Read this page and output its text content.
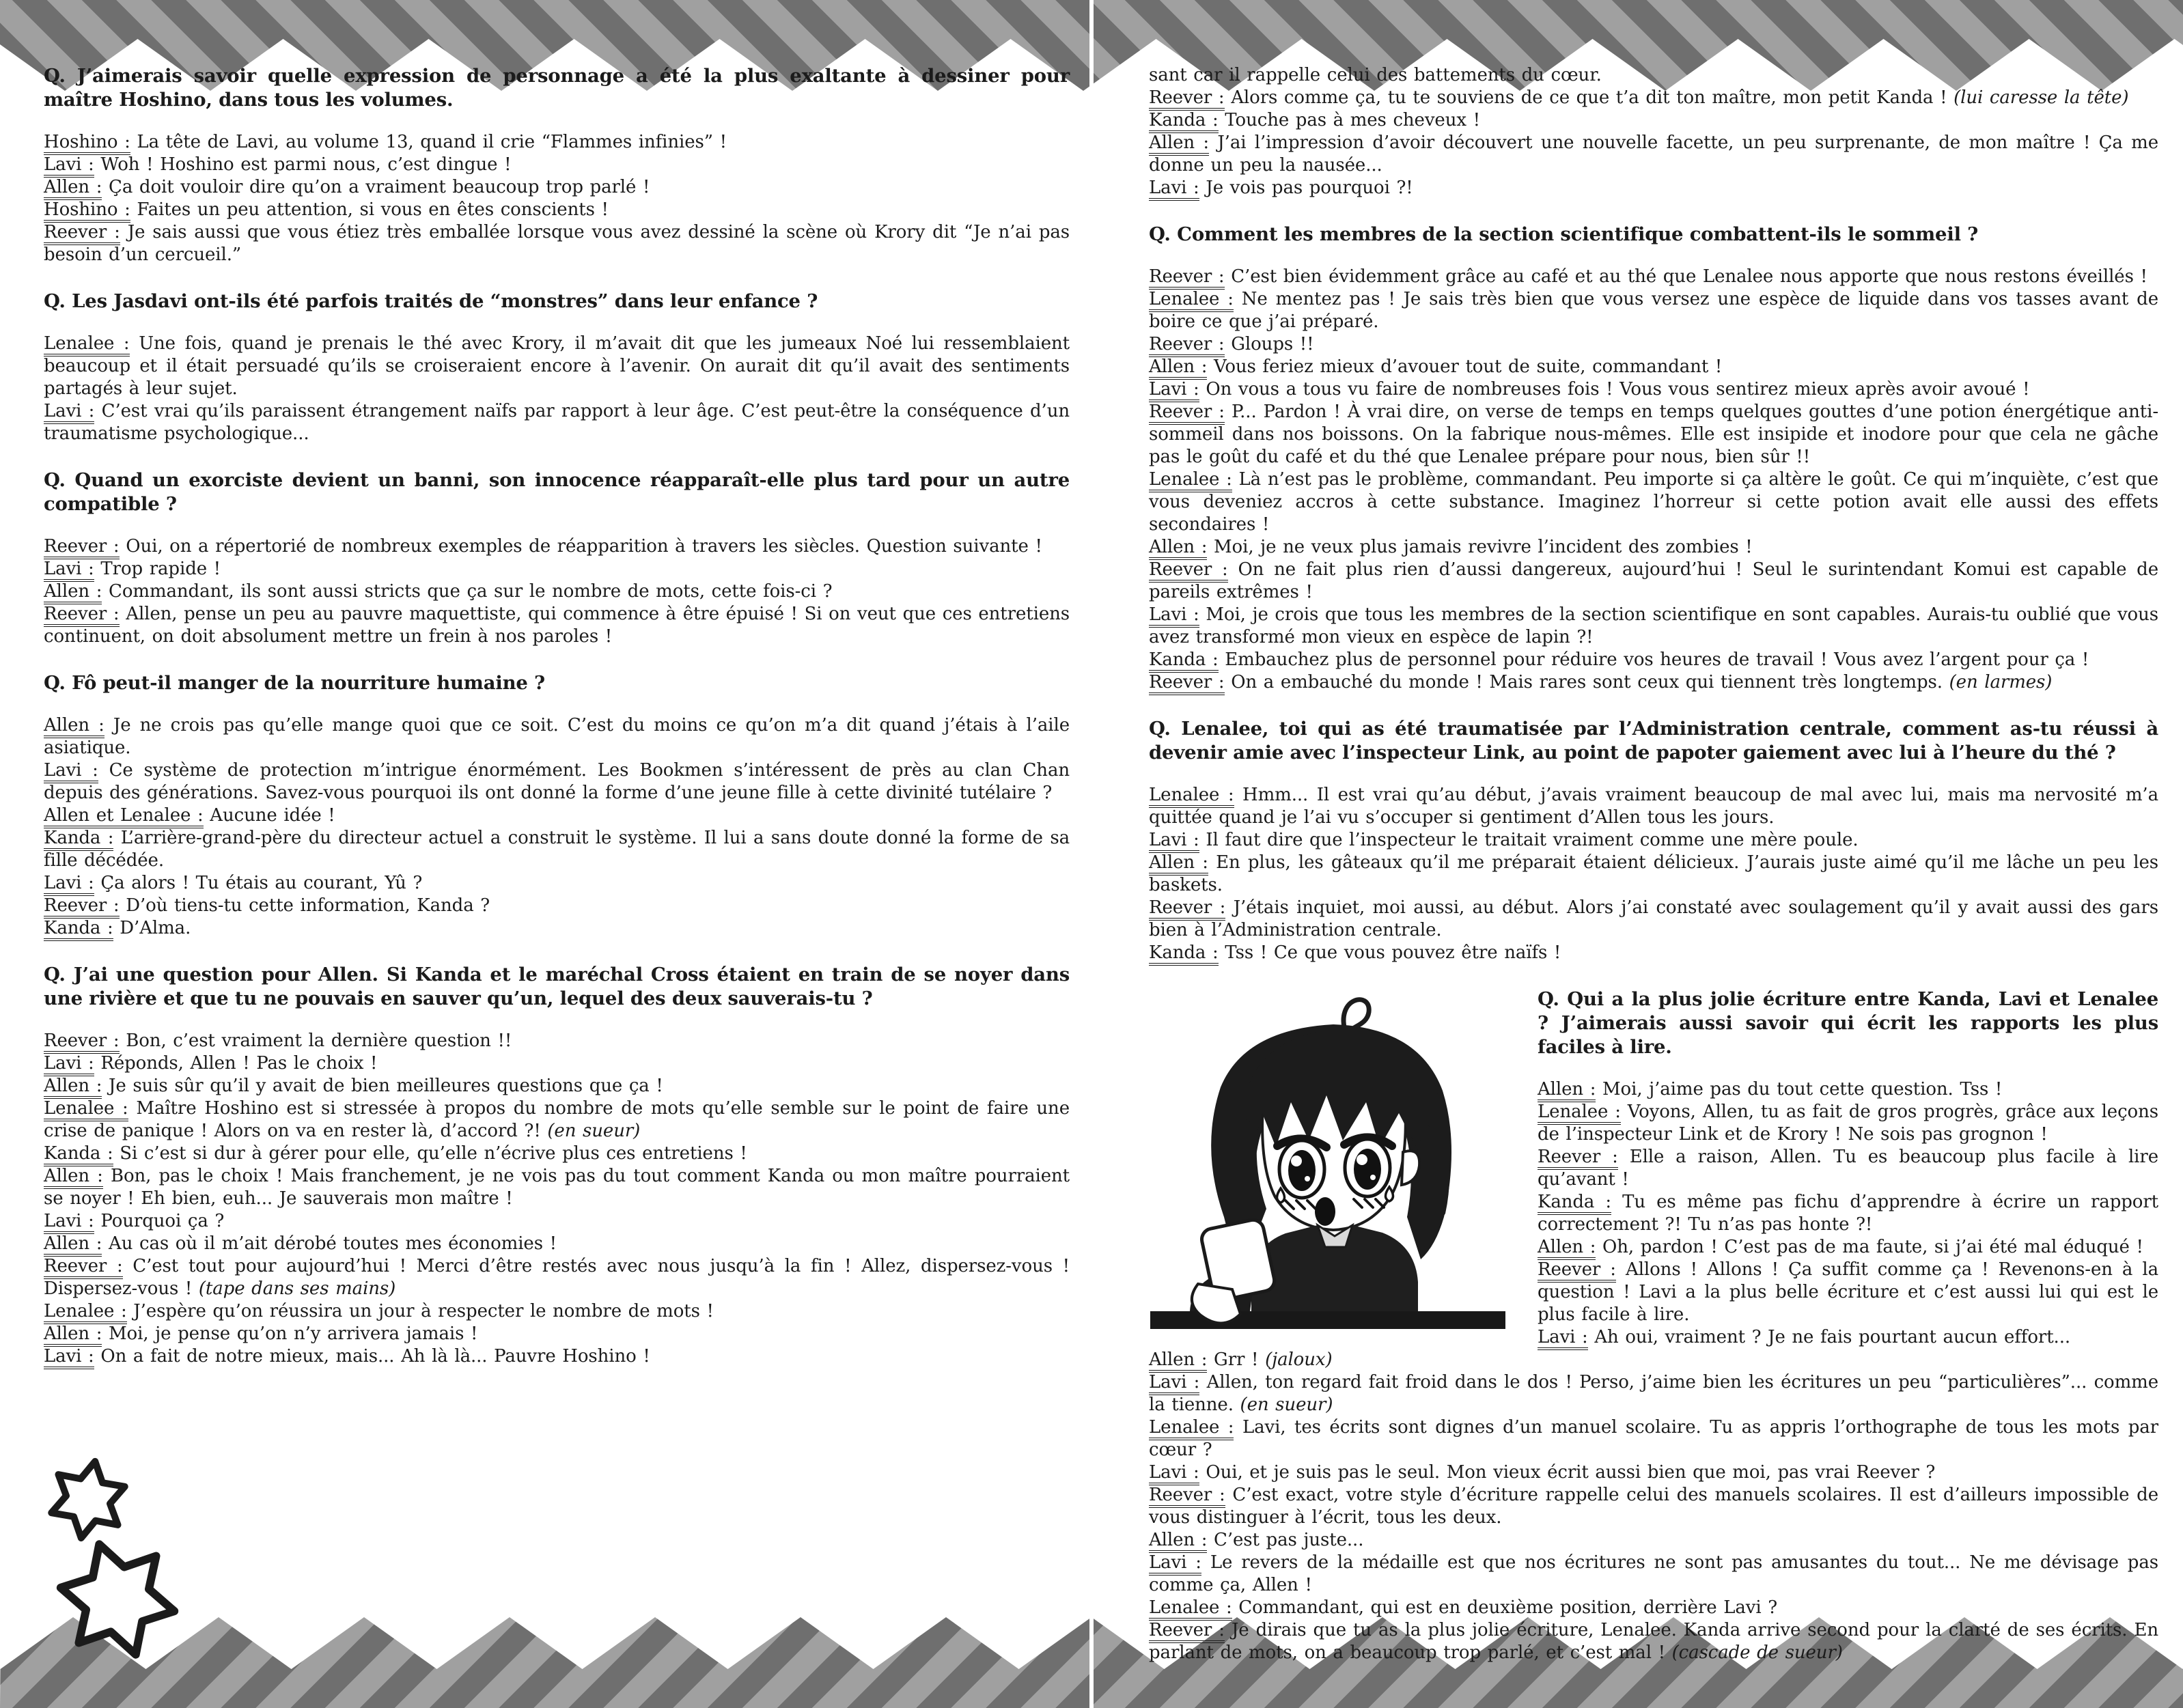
Q. J’aimerais savoir quelle expression de personnage a été la plus exaltante à dessiner pour maître Hoshino, dans tous les volumes.

Hoshino : La tête de Lavi, au volume 13, quand il crie “Flammes infinies” !

Lavi : Woh ! Hoshino est parmi nous, c’est dingue !

Allen : Ça doit vouloir dire qu’on a vraiment beaucoup trop parlé !

Hoshino : Faites un peu attention, si vous en êtes conscients !

Reever : Je sais aussi que vous étiez très emballée lorsque vous avez dessiné la scène où Krory dit “Je n’ai pas besoin d’un cercueil.”

Q. Les Jasdavi ont-ils été parfois traités de “monstres” dans leur enfance ?

Lenalee : Une fois, quand je prenais le thé avec Krory, il m’avait dit que les jumeaux Noé lui ressemblaient beaucoup et il était persuadé qu’ils se croiseraient encore à l’avenir. On aurait dit qu’il avait des sentiments partagés à leur sujet.

Lavi : C’est vrai qu’ils paraissent étrangement naïfs par rapport à leur âge. C’est peut-être la conséquence d’un traumatisme psychologique...

Q. Quand un exorciste devient un banni, son innocence réapparaît-elle plus tard pour un autre compatible ?

Reever : Oui, on a répertorié de nombreux exemples de réapparition à travers les siècles. Question suivante !

Lavi : Trop rapide !

Allen : Commandant, ils sont aussi stricts que ça sur le nombre de mots, cette fois-ci ?

Reever : Allen, pense un peu au pauvre maquettiste, qui commence à être épuisé ! Si on veut que ces entretiens continuent, on doit absolument mettre un frein à nos paroles !

Q. Fô peut-il manger de la nourriture humaine ?

Allen : Je ne crois pas qu’elle mange quoi que ce soit. C’est du moins ce qu’on m’a dit quand j’étais à l’aile asiatique.

Lavi : Ce système de protection m’intrigue énormément. Les Bookmen s’intéressent de près au clan Chan depuis des générations. Savez-vous pourquoi ils ont donné la forme d’une jeune fille à cette divinité tutélaire ?

Allen et Lenalee : Aucune idée !

Kanda : L’arrière-grand-père du directeur actuel a construit le système. Il lui a sans doute donné la forme de sa fille décédée.

Lavi : Ça alors ! Tu étais au courant, Yû ?

Reever : D’où tiens-tu cette information, Kanda ?

Kanda : D’Alma.

Q. J’ai une question pour Allen. Si Kanda et le maréchal Cross étaient en train de se noyer dans une rivière et que tu ne pouvais en sauver qu’un, lequel des deux sauverais-tu ?

Reever : Bon, c’est vraiment la dernière question !!

Lavi : Réponds, Allen ! Pas le choix !

Allen : Je suis sûr qu’il y avait de bien meilleures questions que ça !

Lenalee : Maître Hoshino est si stressée à propos du nombre de mots qu’elle semble sur le point de faire une crise de panique ! Alors on va en rester là, d’accord ?! (en sueur)

Kanda : Si c’est si dur à gérer pour elle, qu’elle n’écrive plus ces entretiens !

Allen : Bon, pas le choix ! Mais franchement, je ne vois pas du tout comment Kanda ou mon maître pourraient se noyer ! Eh bien, euh... Je sauverais mon maître !

Lavi : Pourquoi ça ?

Allen : Au cas où il m’ait dérobé toutes mes économies !

Reever : C’est tout pour aujourd’hui ! Merci d’être restés avec nous jusqu’à la fin ! Allez, dispersez-vous ! Dispersez-vous ! (tape dans ses mains)

Lenalee : J’espère qu’on réussira un jour à respecter le nombre de mots !

Allen : Moi, je pense qu’on n’y arrivera jamais !

Lavi : On a fait de notre mieux, mais... Ah là là... Pauvre Hoshino !

sant car il rappelle celui des battements du cœur.

Reever : Alors comme ça, tu te souviens de ce que t’a dit ton maître, mon petit Kanda ! (lui caresse la tête)

Kanda : Touche pas à mes cheveux !

Allen : J’ai l’impression d’avoir découvert une nouvelle facette, un peu surprenante, de mon maître ! Ça me donne un peu la nausée...

Lavi : Je vois pas pourquoi ?!

Q. Comment les membres de la section scientifique combattent-ils le sommeil ?

Reever : C’est bien évidemment grâce au café et au thé que Lenalee nous apporte que nous restons éveillés !

Lenalee : Ne mentez pas ! Je sais très bien que vous versez une espèce de liquide dans vos tasses avant de boire ce que j’ai préparé.

Reever : Gloups !!

Allen : Vous feriez mieux d’avouer tout de suite, commandant !

Lavi : On vous a tous vu faire de nombreuses fois ! Vous vous sentirez mieux après avoir avoué !

Reever : P... Pardon ! À vrai dire, on verse de temps en temps quelques gouttes d’une potion énergétique anti-sommeil dans nos boissons. On la fabrique nous-mêmes. Elle est insipide et inodore pour que cela ne gâche pas le goût du café et du thé que Lenalee prépare pour nous, bien sûr !!

Lenalee : Là n’est pas le problème, commandant. Peu importe si ça altère le goût. Ce qui m’inquiète, c’est que vous deveniez accros à cette substance. Imaginez l’horreur si cette potion avait elle aussi des effets secondaires !

Allen : Moi, je ne veux plus jamais revivre l’incident des zombies !

Reever : On ne fait plus rien d’aussi dangereux, aujourd’hui ! Seul le surintendant Komui est capable de pareils extrêmes !

Lavi : Moi, je crois que tous les membres de la section scientifique en sont capables. Aurais-tu oublié que vous avez transformé mon vieux en espèce de lapin ?!

Kanda : Embauchez plus de personnel pour réduire vos heures de travail ! Vous avez l’argent pour ça !

Reever : On a embauché du monde ! Mais rares sont ceux qui tiennent très longtemps. (en larmes)

Q. Lenalee, toi qui as été traumatisée par l’Administration centrale, comment as-tu réussi à devenir amie avec l’inspecteur Link, au point de papoter gaiement avec lui à l’heure du thé ?

Lenalee : Hmm... Il est vrai qu’au début, j’avais vraiment beaucoup de mal avec lui, mais ma nervosité m’a quittée quand je l’ai vu s’occuper si gentiment d’Allen tous les jours.

Lavi : Il faut dire que l’inspecteur le traitait vraiment comme une mère poule.

Allen : En plus, les gâteaux qu’il me préparait étaient délicieux. J’aurais juste aimé qu’il me lâche un peu les baskets.

Reever : J’étais inquiet, moi aussi, au début. Alors j’ai constaté avec soulagement qu’il y avait aussi des gars bien à l’Administration centrale.

Kanda : Tss ! Ce que vous pouvez être naïfs !

Q. Qui a la plus jolie écriture entre Kanda, Lavi et Lenalee ? J’aimerais aussi savoir qui écrit les rapports les plus faciles à lire.

Allen : Moi, j’aime pas du tout cette question. Tss !

Lenalee : Voyons, Allen, tu as fait de gros progrès, grâce aux leçons de l’inspecteur Link et de Krory ! Ne sois pas grognon !

Reever : Elle a raison, Allen. Tu es beaucoup plus facile à lire qu’avant !

Kanda : Tu es même pas fichu d’apprendre à écrire un rapport correctement ?! Tu n’as pas honte ?!

Allen : Oh, pardon ! C’est pas de ma faute, si j’ai été mal éduqué !

Reever : Allons ! Allons ! Ça suffit comme ça ! Revenons-en à la question ! Lavi a la plus belle écriture et c’est aussi lui qui est le plus facile à lire.

Lavi : Ah oui, vraiment ? Je ne fais pourtant aucun effort...

Allen : Grr ! (jaloux)

Lavi : Allen, ton regard fait froid dans le dos ! Perso, j’aime bien les écritures un peu “particulières”... comme la tienne. (en sueur)

Lenalee : Lavi, tes écrits sont dignes d’un manuel scolaire. Tu as appris l’orthographe de tous les mots par cœur ?

Lavi : Oui, et je suis pas le seul. Mon vieux écrit aussi bien que moi, pas vrai Reever ?

Reever : C’est exact, votre style d’écriture rappelle celui des manuels scolaires. Il est d’ailleurs impossible de vous distinguer à l’écrit, tous les deux.

Allen : C’est pas juste...

Lavi : Le revers de la médaille est que nos écritures ne sont pas amusantes du tout... Ne me dévisage pas comme ça, Allen !

Lenalee : Commandant, qui est en deuxième position, derrière Lavi ?

Reever : Je dirais que tu as la plus jolie écriture, Lenalee. Kanda arrive second pour la clarté de ses écrits. En parlant de mots, on a beaucoup trop parlé, et c’est mal ! (cascade de sueur)
